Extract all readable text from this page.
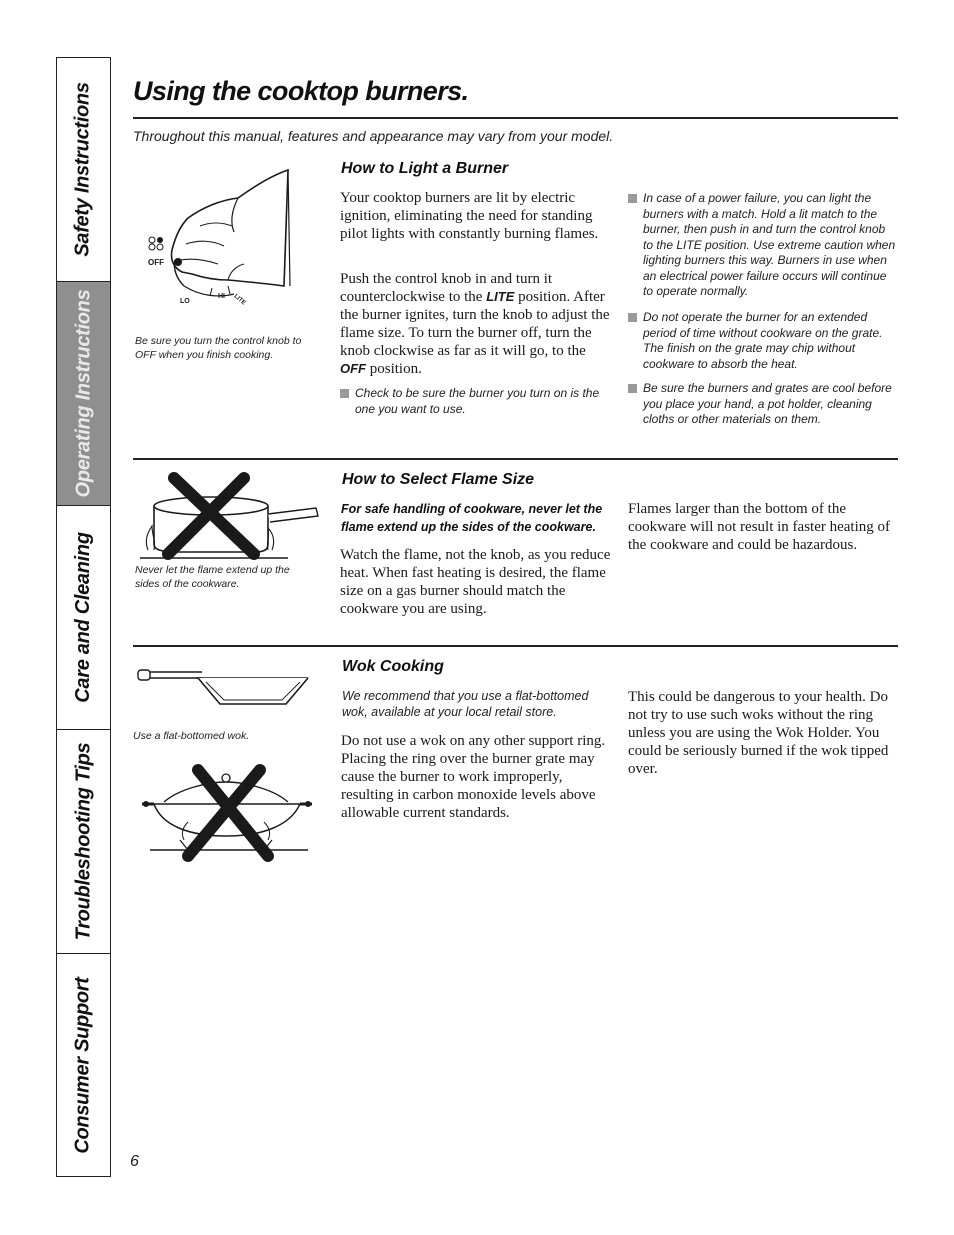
Safety Instructions
Operating Instructions
Care and Cleaning
Troubleshooting Tips
Consumer Support
Using the cooktop burners.
Throughout this manual, features and appearance may vary from your model.
OFF
LO
HI LITE

Be sure you turn the control knob to OFF when you finish cooking.

How to Light a Burner

Your cooktop burners are lit by electric ignition, eliminating the need for standing pilot lights with constantly burning flames.

Push the control knob in and turn it counterclockwise to the LITE position. After the burner ignites, turn the knob to adjust the flame size. To turn the burner off, turn the knob clockwise as far as it will go, to the OFF position.

Check to be sure the burner you turn on is the one you want to use.

In case of a power failure, you can light the burners with a match. Hold a lit match to the burner, then push in and turn the control knob to the LITE position. Use extreme caution when lighting burners this way. Burners in use when an electrical power failure occurs will continue to operate normally.

Do not operate the burner for an extended period of time without cookware on the grate. The finish on the grate may chip without cookware to absorb the heat.

Be sure the burners and grates are cool before you place your hand, a pot holder, cleaning cloths or other materials on them.

Never let the flame extend up the sides of the cookware.

How to Select Flame Size

For safe handling of cookware, never let the flame extend up the sides of the cookware.

Watch the flame, not the knob, as you reduce heat. When fast heating is desired, the flame size on a gas burner should match the cookware you are using.

Flames larger than the bottom of the cookware will not result in faster heating of the cookware and could be hazardous.

Use a flat-bottomed wok.

Wok Cooking

We recommend that you use a flat-bottomed wok, available at your local retail store.

Do not use a wok on any other support ring. Placing the ring over the burner grate may cause the burner to work improperly, resulting in carbon monoxide levels above allowable current standards.

This could be dangerous to your health. Do not try to use such woks without the ring unless you are using the Wok Holder. You could be seriously burned if the wok tipped over.

6
